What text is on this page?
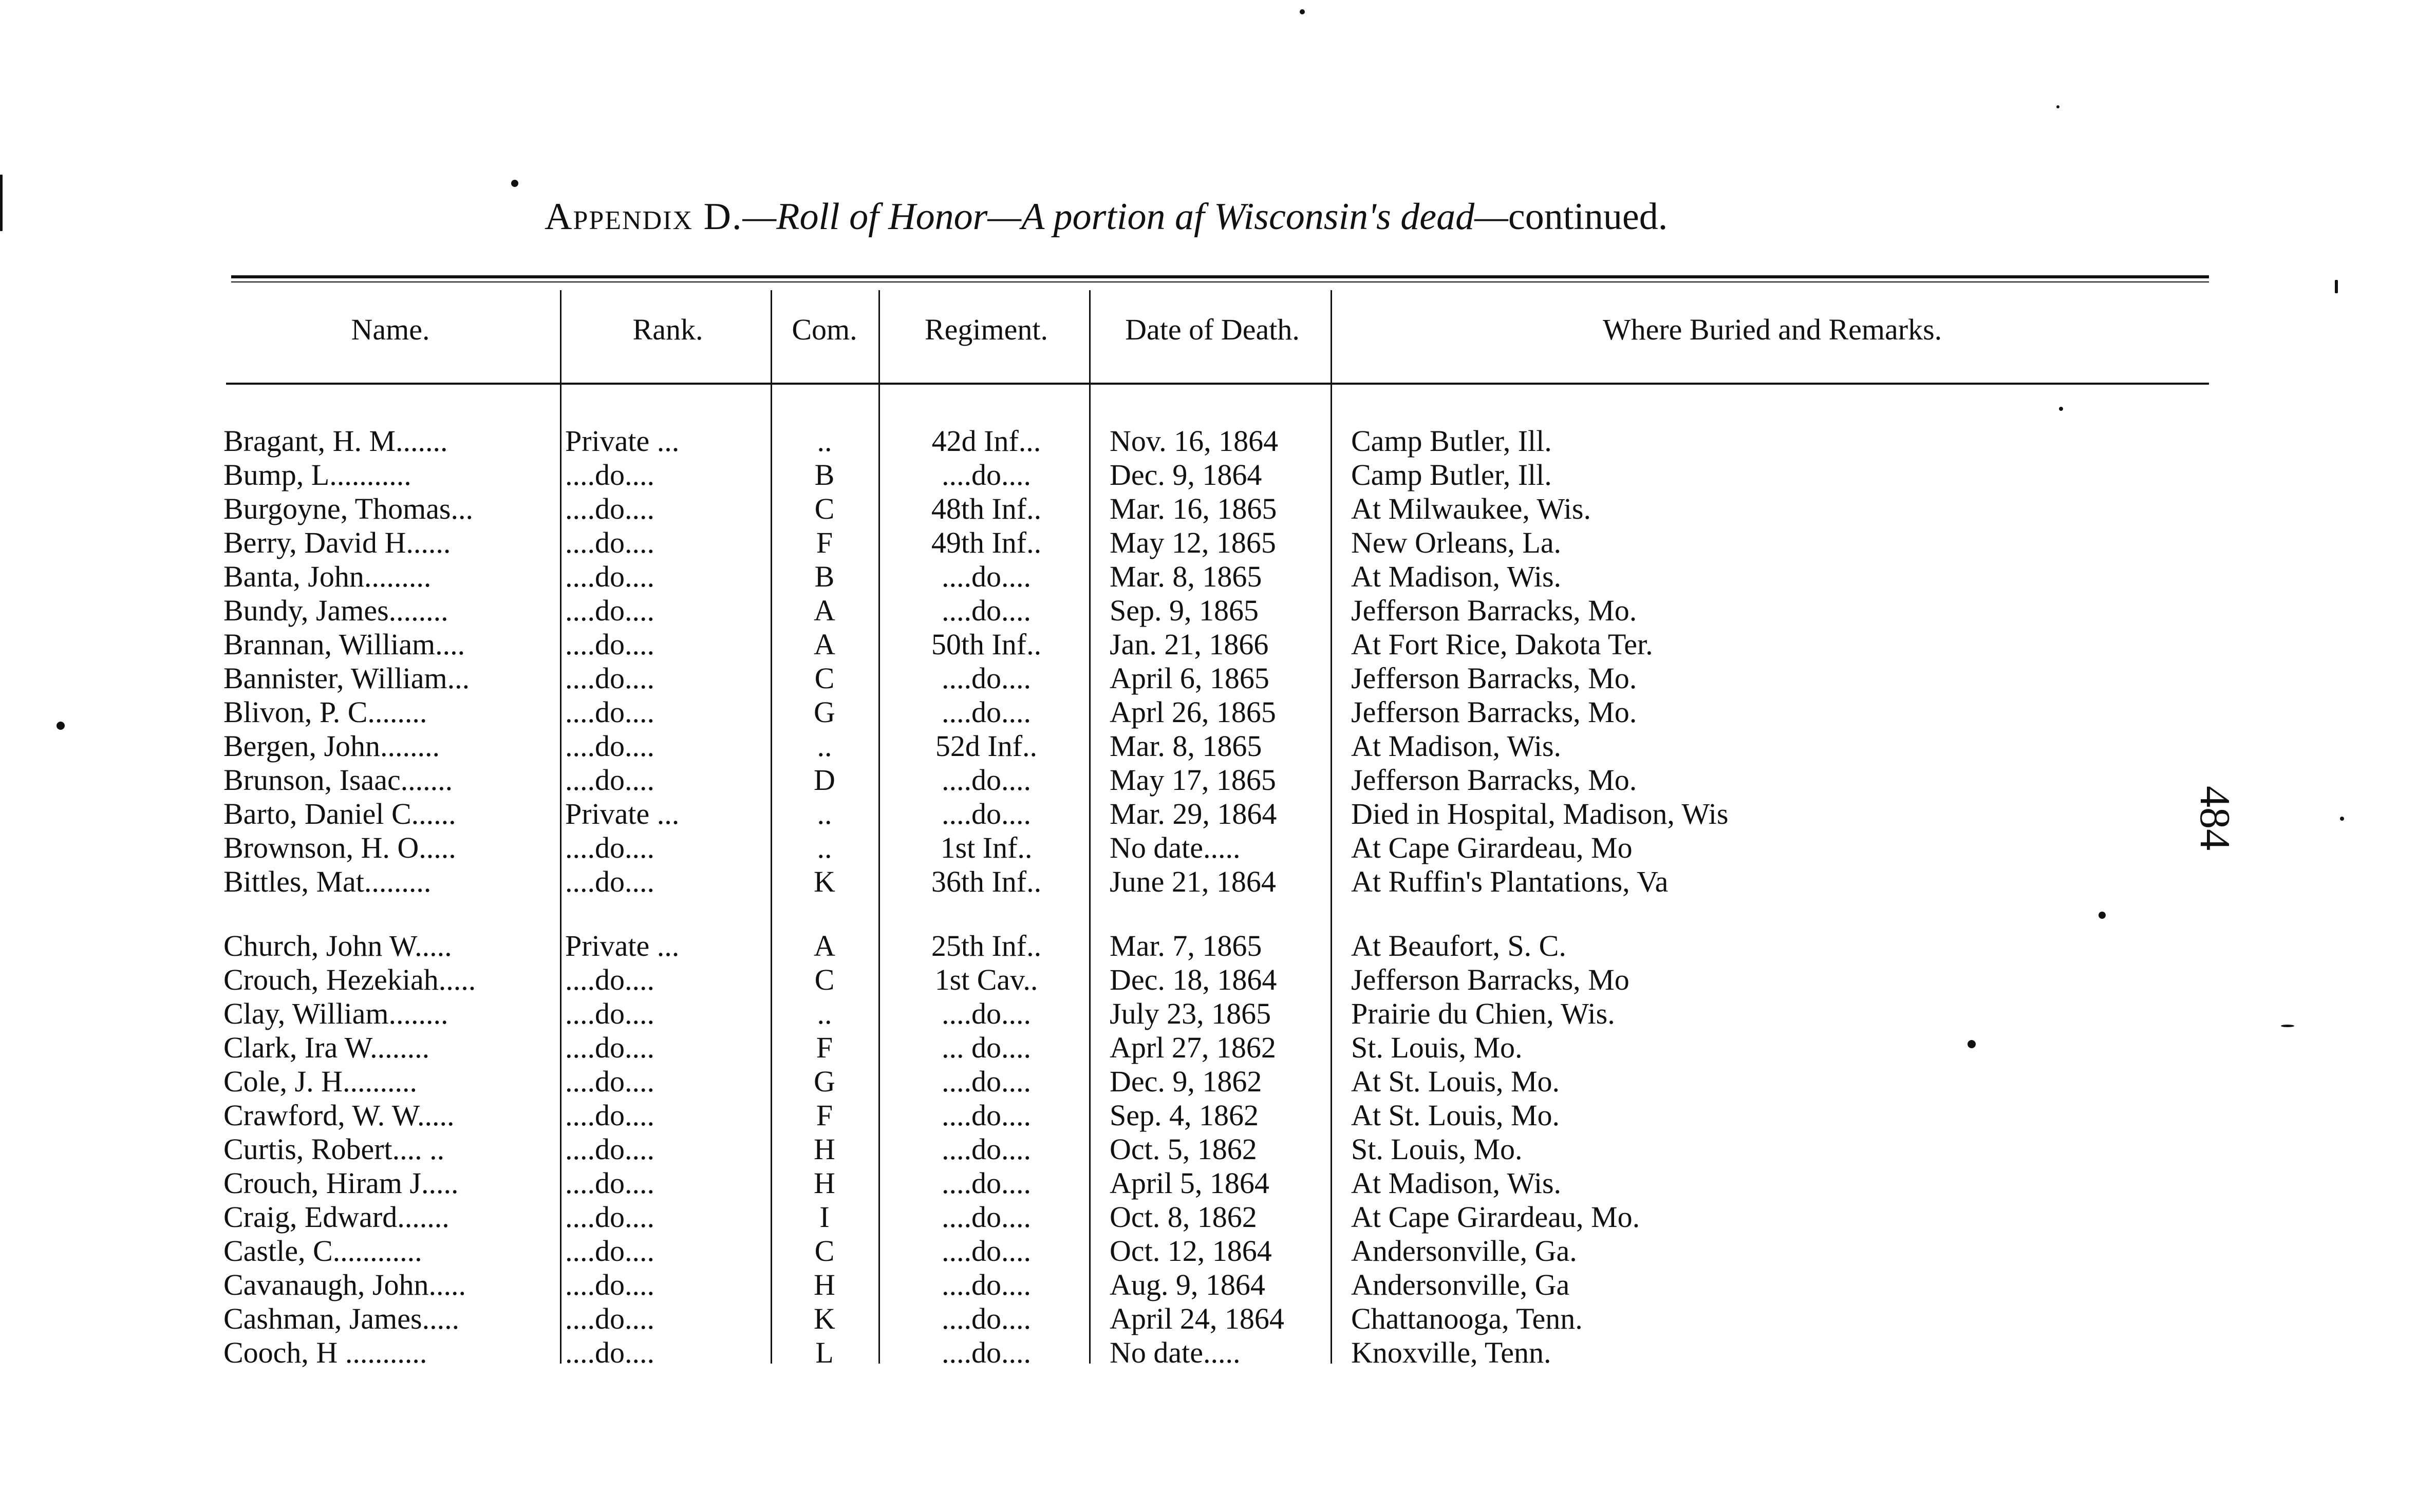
Appendix D.—Roll of Honor—A portion af Wisconsin's dead—continued.
Name.	Rank.	Com.	Regiment.	Date of Death.	Where Buried and Remarks.
Bragant, H. M.......	Private ...	..	42d Inf...	Nov. 16, 1864	Camp Butler, Ill.
Bump, L...........	....do....	B	....do....	Dec. 9, 1864	Camp Butler, Ill.
Burgoyne, Thomas...	....do....	C	48th Inf..	Mar. 16, 1865	At Milwaukee, Wis.
Berry, David H......	....do....	F	49th Inf..	May 12, 1865	New Orleans, La.
Banta, John.........	....do....	B	....do....	Mar. 8, 1865	At Madison, Wis.
Bundy, James........	....do....	A	....do....	Sep. 9, 1865	Jefferson Barracks, Mo.
Brannan, William....	....do....	A	50th Inf..	Jan. 21, 1866	At Fort Rice, Dakota Ter.
Bannister, William...	....do....	C	....do....	April 6, 1865	Jefferson Barracks, Mo.
Blivon, P. C........	....do....	G	....do....	Aprl 26, 1865	Jefferson Barracks, Mo.
Bergen, John........	....do....	..	52d Inf..	Mar. 8, 1865	At Madison, Wis.
Brunson, Isaac.......	....do....	D	....do....	May 17, 1865	Jefferson Barracks, Mo.
Barto, Daniel C......	Private ...	..	....do....	Mar. 29, 1864	Died in Hospital, Madison, Wis
Brownson, H. O.....	....do....	..	1st Inf..	No date.....	At Cape Girardeau, Mo
Bittles, Mat.........	....do....	K	36th Inf..	June 21, 1864	At Ruffin's Plantations, Va
Church, John W.....	Private ...	A	25th Inf..	Mar. 7, 1865	At Beaufort, S. C.
Crouch, Hezekiah.....	....do....	C	1st Cav..	Dec. 18, 1864	Jefferson Barracks, Mo
Clay, William........	....do....	..	....do....	July 23, 1865	Prairie du Chien, Wis.
Clark, Ira W........	....do....	F	... do....	Aprl 27, 1862	St. Louis, Mo.
Cole, J. H..........	....do....	G	....do....	Dec. 9, 1862	At St. Louis, Mo.
Crawford, W. W.....	....do....	F	....do....	Sep. 4, 1862	At St. Louis, Mo.
Curtis, Robert.... ..	....do....	H	....do....	Oct. 5, 1862	St. Louis, Mo.
Crouch, Hiram J.....	....do....	H	....do....	April 5, 1864	At Madison, Wis.
Craig, Edward.......	....do....	I	....do....	Oct. 8, 1862	At Cape Girardeau, Mo.
Castle, C............	....do....	C	....do....	Oct. 12, 1864	Andersonville, Ga.
Cavanaugh, John.....	....do....	H	....do....	Aug. 9, 1864	Andersonville, Ga
Cashman, James.....	....do....	K	....do....	April 24, 1864	Chattanooga, Tenn.
Cooch, H ...........	....do....	L	....do....	No date.....	Knoxville, Tenn.
484
